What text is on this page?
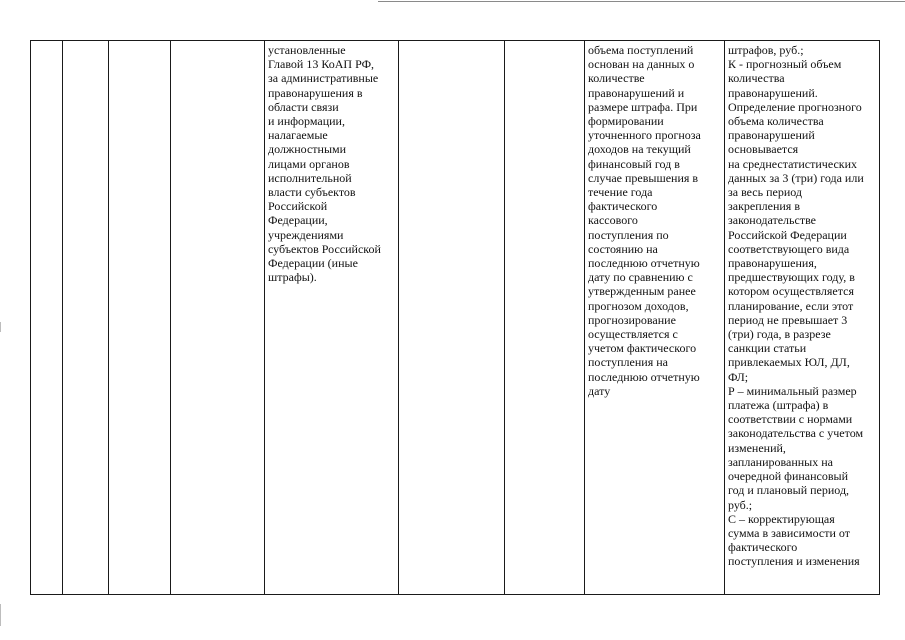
				установленные
Главой 13 КоАП РФ,
за административные
правонарушения в
области связи
и информации,
налагаемые
должностными
лицами органов
исполнительной
власти субъектов
Российской
Федерации,
учреждениями
субъектов Российской
Федерации (иные
штрафы).			объема поступлений
основан на данных о
количестве
правонарушений и
размере штрафа. При
формировании
уточненного прогноза
доходов на текущий
финансовый год в
случае превышения в
течение года
фактического
кассового
поступления по
состоянию на
последнюю отчетную
дату по сравнению с
утвержденным ранее
прогнозом доходов,
прогнозирование
осуществляется с
учетом фактического
поступления на
последнюю отчетную
дату	штрафов, руб.;
К - прогнозный объем
количества
правонарушений.
Определение прогнозного
объема количества
правонарушений
основывается
на среднестатистических
данных за 3 (три) года или
за весь период
закрепления в
законодательстве
Российской Федерации
соответствующего вида
правонарушения,
предшествующих году, в
котором осуществляется
планирование, если этот
период не превышает 3
(три) года, в разрезе
санкции статьи
привлекаемых ЮЛ, ДЛ,
ФЛ;
Р – минимальный размер
платежа (штрафа) в
соответствии с нормами
законодательства с учетом
изменений,
запланированных на
очередной финансовый
год и плановый период,
руб.;
С – корректирующая
сумма в зависимости от
фактического
поступления и изменения
